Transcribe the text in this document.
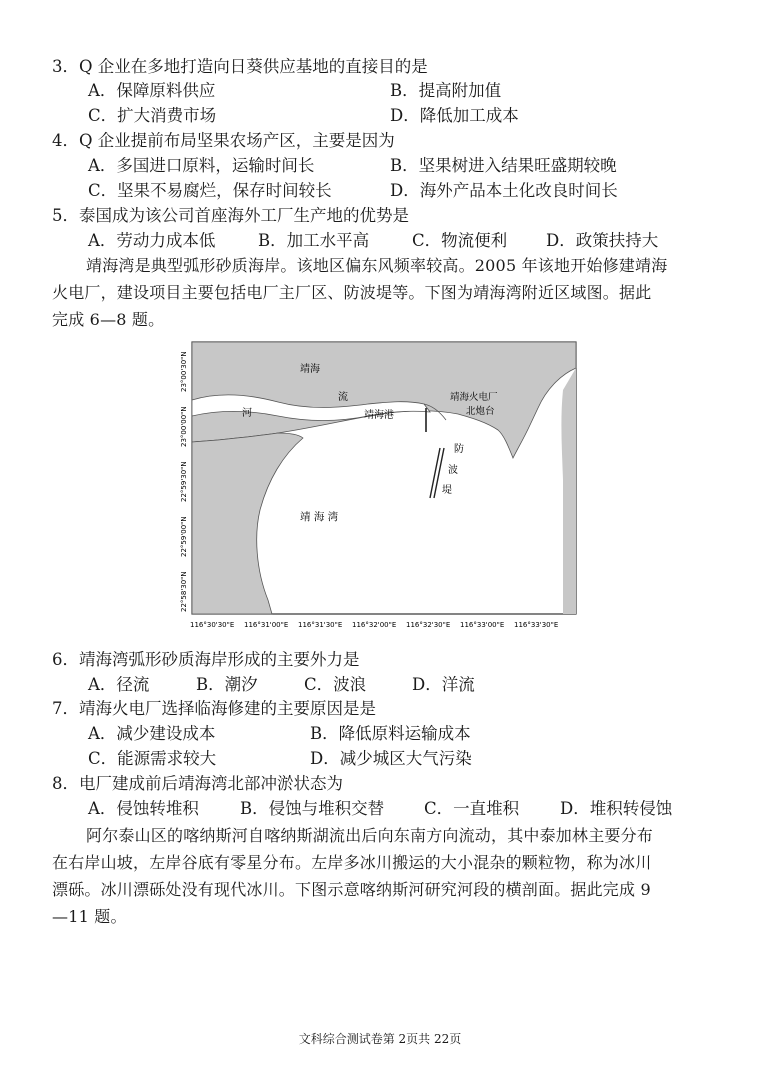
3．Q 企业在多地打造向日葵供应基地的直接目的是
A．保障原料供应	B．提高附加值
C．扩大消费市场	D．降低加工成本
4．Q 企业提前布局坚果农场产区，主要是因为
A．多国进口原料，运输时间长	B．坚果树进入结果旺盛期较晚
C．坚果不易腐烂，保存时间较长	D．海外产品本土化改良时间长
5．泰国成为该公司首座海外工厂生产地的优势是
A．劳动力成本低	B．加工水平高	C．物流便利 D．政策扶持大
靖海湾是典型弧形砂质海岸。该地区偏东风频率较高。2005 年该地开始修建靖海
火电厂，建设项目主要包括电厂主厂区、防波堤等。下图为靖海湾附近区域图。据此
完成 6—8 题。
靖海
流
河	靖海港
靖海火电厂
北炮台
防
波
堤
靖 海 湾
22°58'30"N
22°59'00"N
22°59'30"N
23°00'00"N
23°00'30"N
116°30'30"E 116°31'00"E 116°31'30"E 116°32'00"E 116°32'30"E 116°33'00"E 116°33'30"E
6．靖海湾弧形砂质海岸形成的主要外力是
A．径流	B．潮汐	C．波浪	D．洋流
7．靖海火电厂选择临海修建的主要原因是是
A．减少建设成本	B．降低原料运输成本
C．能源需求较大	D．减少城区大气污染
8．电厂建成前后靖海湾北部冲淤状态为
A．侵蚀转堆积 B．侵蚀与堆积交替 C．一直堆积 D．堆积转侵蚀
阿尔泰山区的喀纳斯河自喀纳斯湖流出后向东南方向流动，其中泰加林主要分布
在右岸山坡，左岸谷底有零星分布。左岸多冰川搬运的大小混杂的颗粒物，称为冰川
漂砾。冰川漂砾处没有现代冰川。下图示意喀纳斯河研究河段的横剖面。据此完成 9
—11 题。
文科综合测试卷第 2页共 22页
